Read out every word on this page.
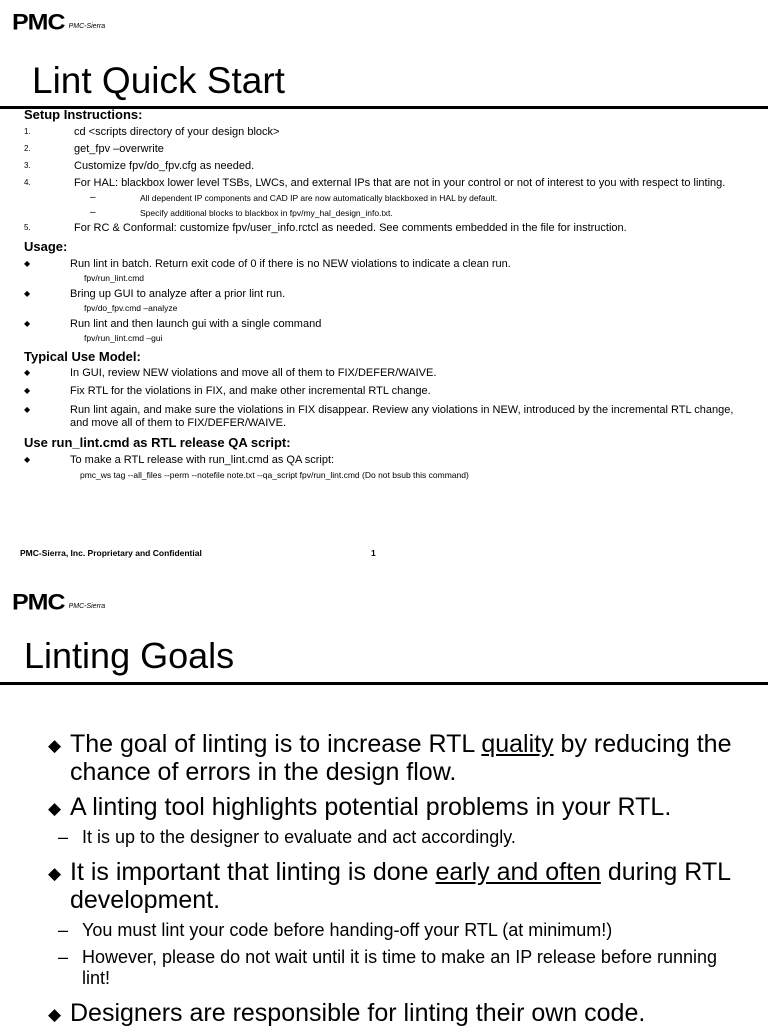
PMC PMC-Sierra
Lint Quick Start
Setup Instructions:
1.	cd <scripts directory of your design block>
2.	get_fpv –overwrite
3.	Customize fpv/do_fpv.cfg as needed.
4.	For HAL: blackbox lower level TSBs, LWCs, and external IPs that are not in your control or not of interest to you with respect to linting.
– All dependent IP components and CAD IP are now automatically blackboxed in HAL by default.
– Specify additional blocks to blackbox in fpv/my_hal_design_info.txt.
5.	For RC & Conformal: customize fpv/user_info.rctcl as needed. See comments embedded in the file for instruction.
Usage:
◆	Run lint in batch. Return exit code of 0 if there is no NEW violations to indicate a clean run.
fpv/run_lint.cmd
◆	Bring up GUI to analyze after a prior lint run.
fpv/do_fpv.cmd –analyze
◆	Run lint and then launch gui with a single command
fpv/run_lint.cmd –gui
Typical Use Model:
◆	In GUI, review NEW violations and move all of them to FIX/DEFER/WAIVE.
◆	Fix RTL for the violations in FIX, and make other incremental RTL change.
◆	Run lint again, and make sure the violations in FIX disappear. Review any violations in NEW, introduced by the incremental RTL change, and move all of them to FIX/DEFER/WAIVE.
Use run_lint.cmd as RTL release QA script:
◆	To make a RTL release with run_lint.cmd as QA script:
pmc_ws tag --all_files --perm --notefile note.txt --qa_script fpv/run_lint.cmd (Do not bsub this command)
PMC-Sierra, Inc. Proprietary and Confidential	1
PMC PMC-Sierra
Linting Goals
◆ The goal of linting is to increase RTL quality by reducing the chance of errors in the design flow.
◆ A linting tool highlights potential problems in your RTL.
– It is up to the designer to evaluate and act accordingly.
◆ It is important that linting is done early and often during RTL development.
– You must lint your code before handing-off your RTL (at minimum!)
– However, please do not wait until it is time to make an IP release before running lint!
◆ Designers are responsible for linting their own code.
